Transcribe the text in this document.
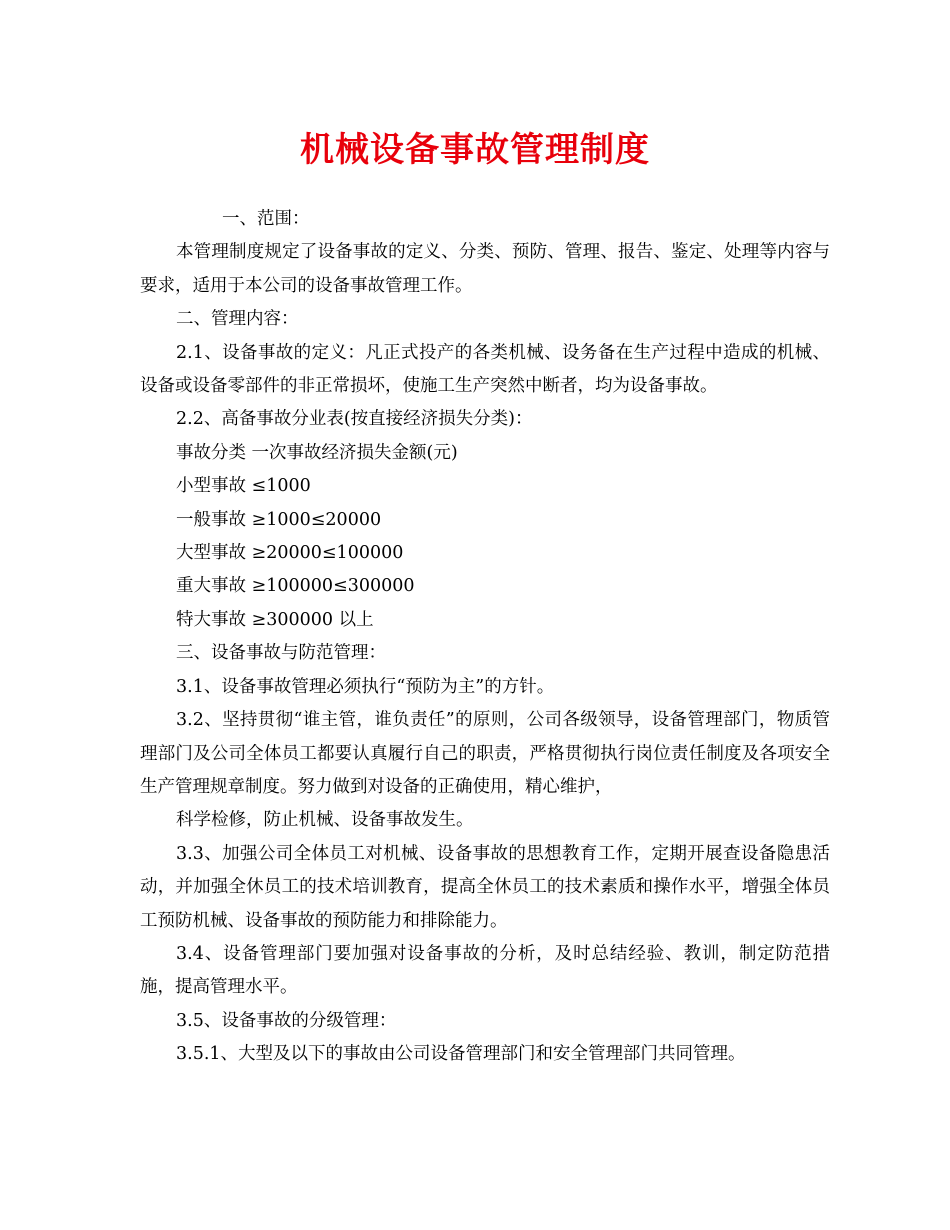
机械设备事故管理制度

一、范围：

本管理制度规定了设备事故的定义、分类、预防、管理、报告、鉴定、处理等内容与要求，适用于本公司的设备事故管理工作。

二、管理内容：

2.1、设备事故的定义：凡正式投产的各类机械、设务备在生产过程中造成的机械、设备或设备零部件的非正常损坏，使施工生产突然中断者，均为设备事故。

2.2、高备事故分业表(按直接经济损失分类)：

事故分类 一次事故经济损失金额(元)

小型事故 ≤1000

一般事故 ≥1000≤20000

大型事故 ≥20000≤100000

重大事故 ≥100000≤300000

特大事故 ≥300000 以上

三、设备事故与防范管理：

3.1、设备事故管理必须执行“预防为主”的方针。

3.2、坚持贯彻“谁主管，谁负责任”的原则，公司各级领导，设备管理部门，物质管理部门及公司全体员工都要认真履行自己的职责，严格贯彻执行岗位责任制度及各项安全生产管理规章制度。努力做到对设备的正确使用，精心维护，

科学检修，防止机械、设备事故发生。

3.3、加强公司全体员工对机械、设备事故的思想教育工作，定期开展查设备隐患活动，并加强全休员工的技术培训教育，提高全休员工的技术素质和操作水平，增强全体员工预防机械、设备事故的预防能力和排除能力。

3.4、设备管理部门要加强对设备事故的分析，及时总结经验、教训，制定防范措施，提高管理水平。

3.5、设备事故的分级管理：

3.5.1、大型及以下的事故由公司设备管理部门和安全管理部门共同管理。
